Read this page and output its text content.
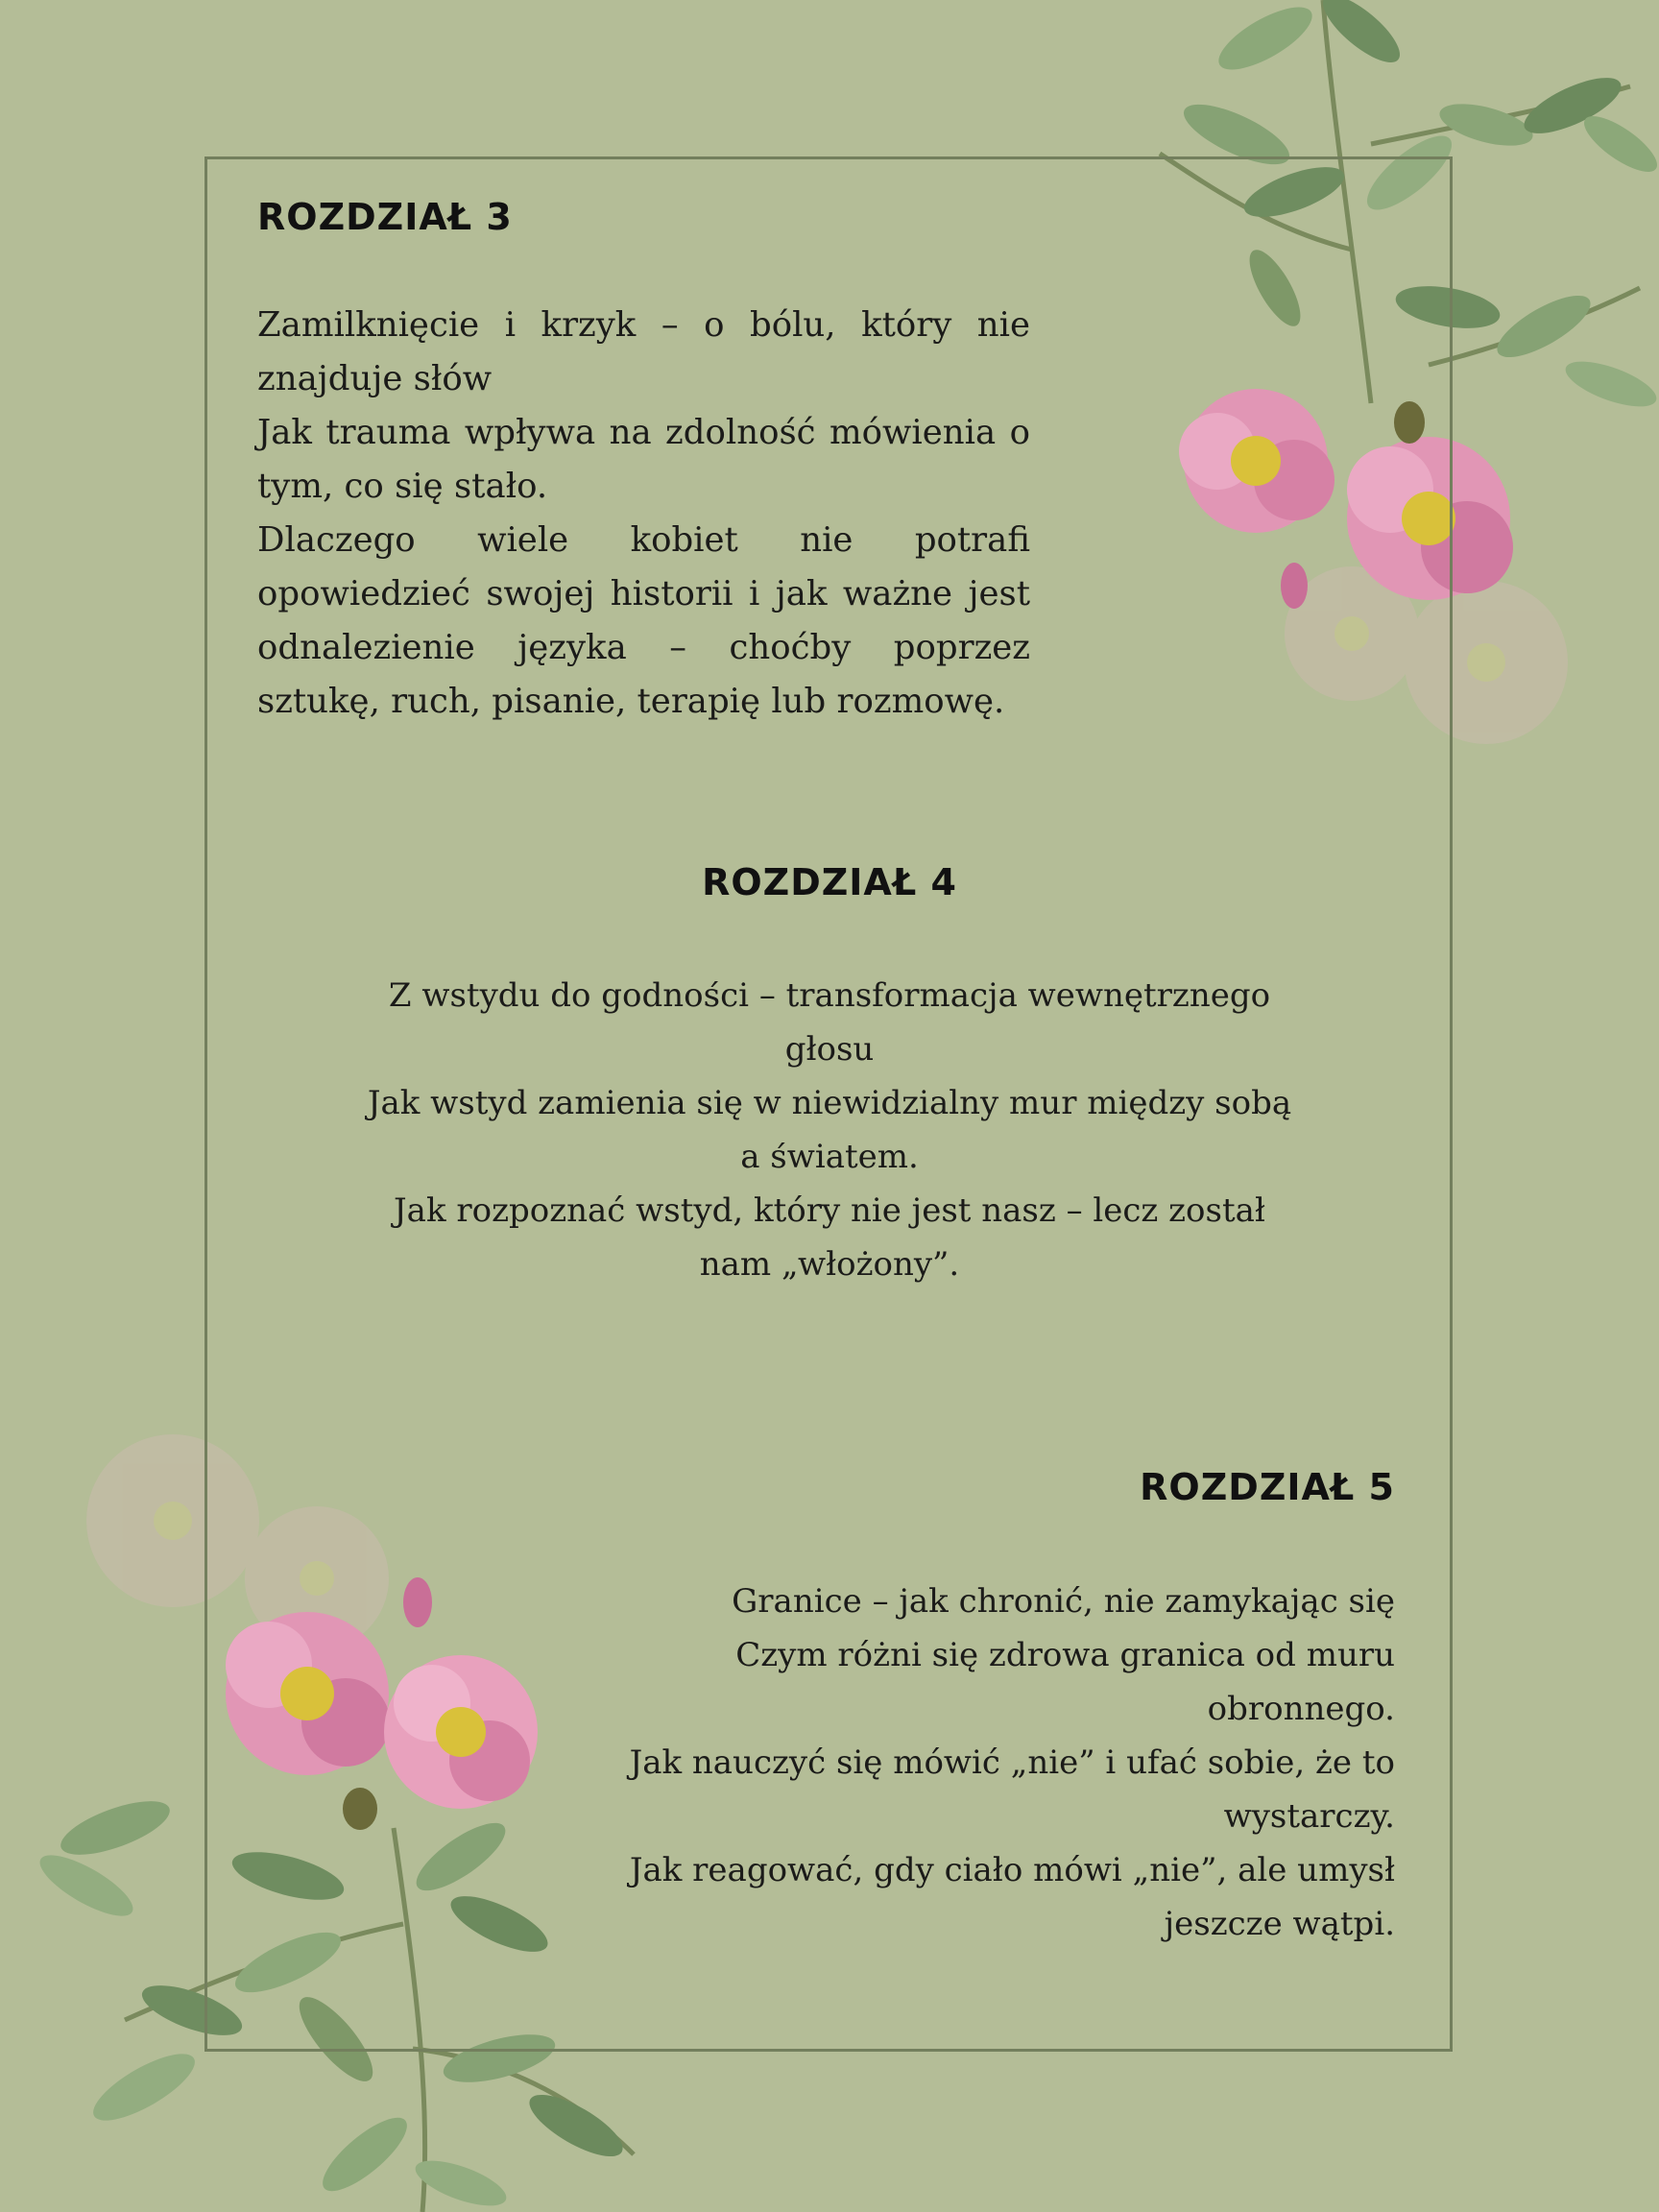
ROZDZIAŁ 3

Zamilknięcie i krzyk – o bólu, który nie znajduje słów
Jak trauma wpływa na zdolność mówienia o tym, co się stało.
Dlaczego wiele kobiet nie potrafi opowiedzieć swojej historii i jak ważne jest odnalezienie języka – choćby poprzez sztukę, ruch, pisanie, terapię lub rozmowę.

ROZDZIAŁ 4

Z wstydu do godności – transformacja wewnętrznego głosu
Jak wstyd zamienia się w niewidzialny mur między sobą a światem.
Jak rozpoznać wstyd, który nie jest nasz – lecz został nam „włożony”.

ROZDZIAŁ 5

Granice – jak chronić, nie zamykając się
Czym różni się zdrowa granica od muru obronnego.
Jak nauczyć się mówić „nie” i ufać sobie, że to wystarczy.
Jak reagować, gdy ciało mówi „nie”, ale umysł jeszcze wątpi.
